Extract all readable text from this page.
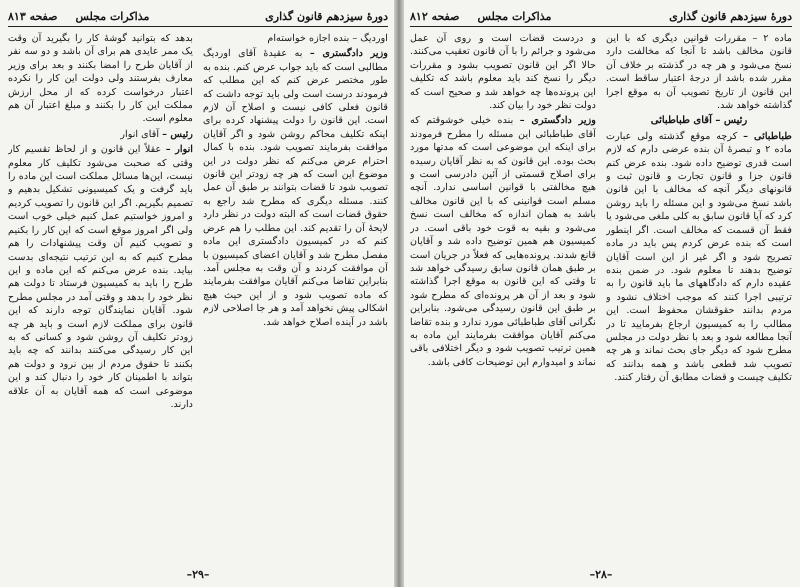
دورهٔ سیزدهم قانون گذاری
مذاکرات مجلس
صفحه ۸۱۳

اوردیگ – بنده اجازه خواسته‌ام

وزیر دادگستری – به عقیدهٔ آقای اوردیگ مطالبی است که باید جواب عرض کنم. بنده به طور مختصر عرض کنم که این مطلب که فرمودند درست است ولی باید توجه داشت که قانون فعلی کافی نیست و اصلاح آن لازم است. این قانون را دولت پیشنهاد کرده برای اینکه تکلیف محاکم روشن شود و اگر آقایان موافقت بفرمایند تصویب شود. بنده با کمال احترام عرض می‌کنم که نظر دولت در این موضوع این است که هر چه زودتر این قانون تصویب شود تا قضات بتوانند بر طبق آن عمل کنند. مسئله دیگری که مطرح شد راجع به حقوق قضات است که البته دولت در نظر دارد لایحهٔ آن را تقدیم کند. این مطلب را هم عرض کنم که در کمیسیون دادگستری این ماده مفصل مطرح شد و آقایان اعضای کمیسیون با آن موافقت کردند و آن وقت به مجلس آمد. بنابراین تقاضا می‌کنم آقایان موافقت بفرمایند که ماده تصویب شود و از این حیث هیچ اشکالی پیش نخواهد آمد و هر جا اصلاحی لازم باشد در آینده اصلاح خواهد شد.

بدهد که بتوانید گوشهٔ کار را بگیرید آن وقت یک ممر عایدی هم برای آن باشد و دو سه نفر از آقایان طرح را امضا بکنند و بعد برای وزیر معارف بفرستند ولی دولت این کار را نکرده اعتبار درخواست کرده که از محل ارزش مملکت این کار را بکنند و مبلغ اعتبار آن هم معلوم است.

رئیس – آقای انوار

انوار – عقلاً این قانون و از لحاظ تقسیم کار وقتی که صحبت می‌شود تکلیف کار معلوم نیست، این‌ها مسائل مملکت است این ماده را باید گرفت و یک کمیسیونی تشکیل بدهیم و تصمیم بگیریم. اگر این قانون را تصویب کردیم و امروز خواستیم عمل کنیم خیلی خوب است ولی اگر امروز موقع است که این کار را بکنیم و تصویب کنیم آن وقت پیشنهادات را هم مطرح کنیم که به این ترتیب نتیجه‌ای بدست بیاید. بنده عرض می‌کنم که این ماده و این طرح را باید به کمیسیون فرستاد تا دولت هم نظر خود را بدهد و وقتی آمد در مجلس مطرح شود. آقایان نمایندگان توجه دارند که این قانون برای مملکت لازم است و باید هر چه زودتر تکلیف آن روشن شود و کسانی که به این کار رسیدگی می‌کنند بدانند که چه باید بکنند تا حقوق مردم از بین نرود و دولت هم بتواند با اطمینان کار خود را دنبال کند و این موضوعی است که همه آقایان به آن علاقه دارند.

–۲۹–
دورهٔ سیزدهم قانون گذاری
مذاکرات مجلس
صفحه ۸۱۲

ماده ۲ – مقررات قوانین دیگری که با این قانون مخالف باشد تا آنجا که مخالفت دارد نسخ می‌شود و هر چه در گذشته بر خلاف آن مقرر شده باشد از درجهٔ اعتبار ساقط است. این قانون از تاریخ تصویب آن به موقع اجرا گذاشته خواهد شد.

رئیس – آقای طباطبائی

طباطبائی – کرچه موقع گذشته ولی عبارت ماده ۲ و تبصرهٔ آن بنده عرضی دارم که لازم است قدری توضیح داده شود. بنده عرض کنم قانون جزا و قانون تجارت و قانون ثبت و قانونهای دیگر آنچه که مخالف با این قانون باشد نسخ می‌شود و این مسئله را باید روشن کرد که آیا قانون سابق به کلی ملغی می‌شود یا فقط آن قسمت که مخالف است. اگر اینطور است که بنده عرض کردم پس باید در ماده تصریح شود و اگر غیر از این است آقایان توضیح بدهند تا معلوم شود. در ضمن بنده عقیده دارم که دادگاههای ما باید قانون را به ترتیبی اجرا کنند که موجب اختلاف نشود و مردم بدانند حقوقشان محفوظ است. این مطالب را به کمیسیون ارجاع بفرمایید تا در آنجا مطالعه شود و بعد با نظر دولت در مجلس مطرح شود که دیگر جای بحث نماند و هر چه تصویب شد قطعی باشد و همه بدانند که تکلیف چیست و قضات مطابق آن رفتار کنند.

و دردست قضات است و روی آن عمل می‌شود و جرائم را با آن قانون تعقیب می‌کنند. حالا اگر این قانون تصویب بشود و مقررات دیگر را نسخ کند باید معلوم باشد که تکلیف این پرونده‌ها چه خواهد شد و صحیح است که دولت نظر خود را بیان کند.

وزیر دادگستری – بنده خیلی خوشوقتم که آقای طباطبائی این مسئله را مطرح فرمودند برای اینکه این موضوعی است که مدتها مورد بحث بوده. این قانون که به نظر آقایان رسیده برای اصلاح قسمتی از آئین دادرسی است و هیچ مخالفتی با قوانین اساسی ندارد. آنچه مسلم است قوانینی که با این قانون مخالف باشد به همان اندازه که مخالف است نسخ می‌شود و بقیه به قوت خود باقی است. در کمیسیون هم همین توضیح داده شد و آقایان قانع شدند. پرونده‌هایی که فعلاً در جریان است بر طبق همان قانون سابق رسیدگی خواهد شد تا وقتی که این قانون به موقع اجرا گذاشته شود و بعد از آن هر پرونده‌ای که مطرح شود بر طبق این قانون رسیدگی می‌شود. بنابراین نگرانی آقای طباطبائی مورد ندارد و بنده تقاضا می‌کنم آقایان موافقت بفرمایند این ماده به همین ترتیب تصویب شود و دیگر اختلافی باقی نماند و امیدوارم این توضیحات کافی باشد.

–۲۸–
